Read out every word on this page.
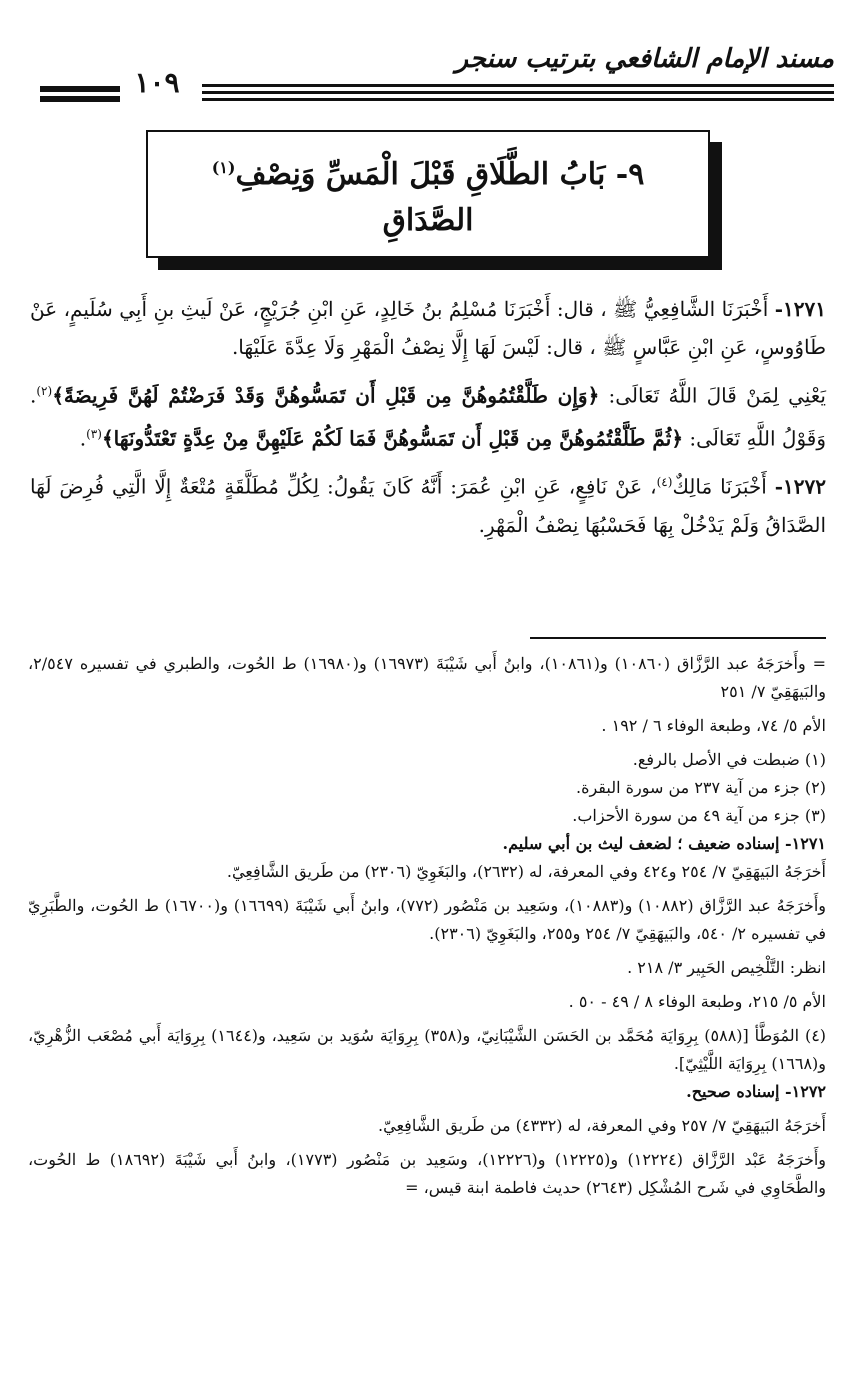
مسند الإمام الشافعي بترتيب سنجر
١٠٩
٩- بَابُ الطَّلَاقِ قَبْلَ الْمَسِّ وَنِصْفِ$^{(١)}$
الصَّدَاقِ

١٢٧١- أَخْبَرَنَا الشَّافِعِيُّ ﷺ ، قال: أَخْبَرَنَا مُسْلِمُ بنُ خَالِدٍ، عَنِ ابْنِ جُرَيْجٍ، عَنْ لَيثِ بنِ أَبِي سُلَيمٍ، عَنْ طَاوُوسٍ، عَنِ ابْنِ عَبَّاسٍ ﷺ ، قال: لَيْسَ لَهَا إِلَّا نِصْفُ الْمَهْرِ وَلَا عِدَّةَ عَلَيْهَا.

يَعْنِي لِمَنْ قَالَ اللَّهُ تَعَالَى: ﴿وَإِن طَلَّقْتُمُوهُنَّ مِن قَبْلِ أَن تَمَسُّوهُنَّ وَقَدْ فَرَضْتُمْ لَهُنَّ فَرِيضَةً﴾$^{(٢)}$. وَقَوْلُ اللَّهِ تَعَالَى: ﴿ثُمَّ طَلَّقْتُمُوهُنَّ مِن قَبْلِ أَن تَمَسُّوهُنَّ فَمَا لَكُمْ عَلَيْهِنَّ مِنْ عِدَّةٍ تَعْتَدُّونَهَا﴾$^{(٣)}$.

١٢٧٢- أَخْبَرَنَا مَالِكٌ$^{(٤)}$، عَنْ نَافِعٍ، عَنِ ابْنِ عُمَرَ: أَنَّهُ كَانَ يَقُولُ: لِكُلِّ مُطَلَّقَةٍ مُتْعَةٌ إِلَّا الَّتِي فُرِضَ لَهَا الصَّدَاقُ وَلَمْ يَدْخُلْ بِهَا فَحَسْبُهَا نِصْفُ الْمَهْرِ.

= وأَخرَجَهُ عبد الرَّزَّاق (١٠٨٦٠) و(١٠٨٦١)، وابنُ أَبي شَيْبَةَ (١٦٩٧٣) و(١٦٩٨٠) ط الحُوت، والطبري في تفسيره ٢/٥٤٧، والبَيهَقِيّ ٧/ ٢٥١

الأم ٥/ ٧٤، وطبعة الوفاء ٦ / ١٩٢ .

(١) ضبطت في الأصل بالرفع.

(٢) جزء من آية ٢٣٧ من سورة البقرة.

(٣) جزء من آية ٤٩ من سورة الأحزاب.

١٢٧١- إسناده ضعيف ؛ لضعف ليث بن أبي سليم.

أَخرَجَهُ البَيهَقِيّ ٧/ ٢٥٤ و٤٢٤ وفي المعرفة، له (٢٦٣٢)، والبَغَوِيّ (٢٣٠٦) من طَريق الشَّافِعِيّ.

وأَخرَجَهُ عبد الرَّزَّاق (١٠٨٨٢) و(١٠٨٨٣)، وسَعِيد بن مَنْصُور (٧٧٢)، وابنُ أَبي شَيْبَةَ (١٦٦٩٩) و(١٦٧٠٠) ط الحُوت، والطَّبَرِيّ في تفسيره ٢/ ٥٤٠، والبَيهَقِيّ ٧/ ٢٥٤ و٢٥٥، والبَغَوِيّ (٢٣٠٦).

انظر: التَّلْخِيص الحَبِير ٣/ ٢١٨ .

الأم ٥/ ٢١٥، وطبعة الوفاء ٨ / ٤٩ - ٥٠ .

(٤) المُوَطَّأ [(٥٨٨) بِرِوَايَة مُحَمَّد بن الحَسَن الشَّيْبَانِيّ، و(٣٥٨) بِرِوَايَة سُوَيد بن سَعِيد، و(١٦٤٤) بِرِوَايَة أَبي مُصْعَب الزُّهْرِيّ، و(١٦٦٨) بِرِوَايَة اللَّيْثِيّ].

١٢٧٢- إسناده صحيح.

أَخرَجَهُ البَيهَقِيّ ٧/ ٢٥٧ وفي المعرفة، له (٤٣٣٢) من طَريق الشَّافِعِيّ.

وأَخرَجَهُ عَبْد الرَّزَّاق (١٢٢٢٤) و(١٢٢٢٥) و(١٢٢٢٦)، وسَعِيد بن مَنْصُور (١٧٧٣)، وابنُ أَبي شَيْبَةَ (١٨٦٩٢) ط الحُوت، والطَّحَاوِي في شَرح المُشْكِل (٢٦٤٣) حديث فاطمة ابنة قيس، =
